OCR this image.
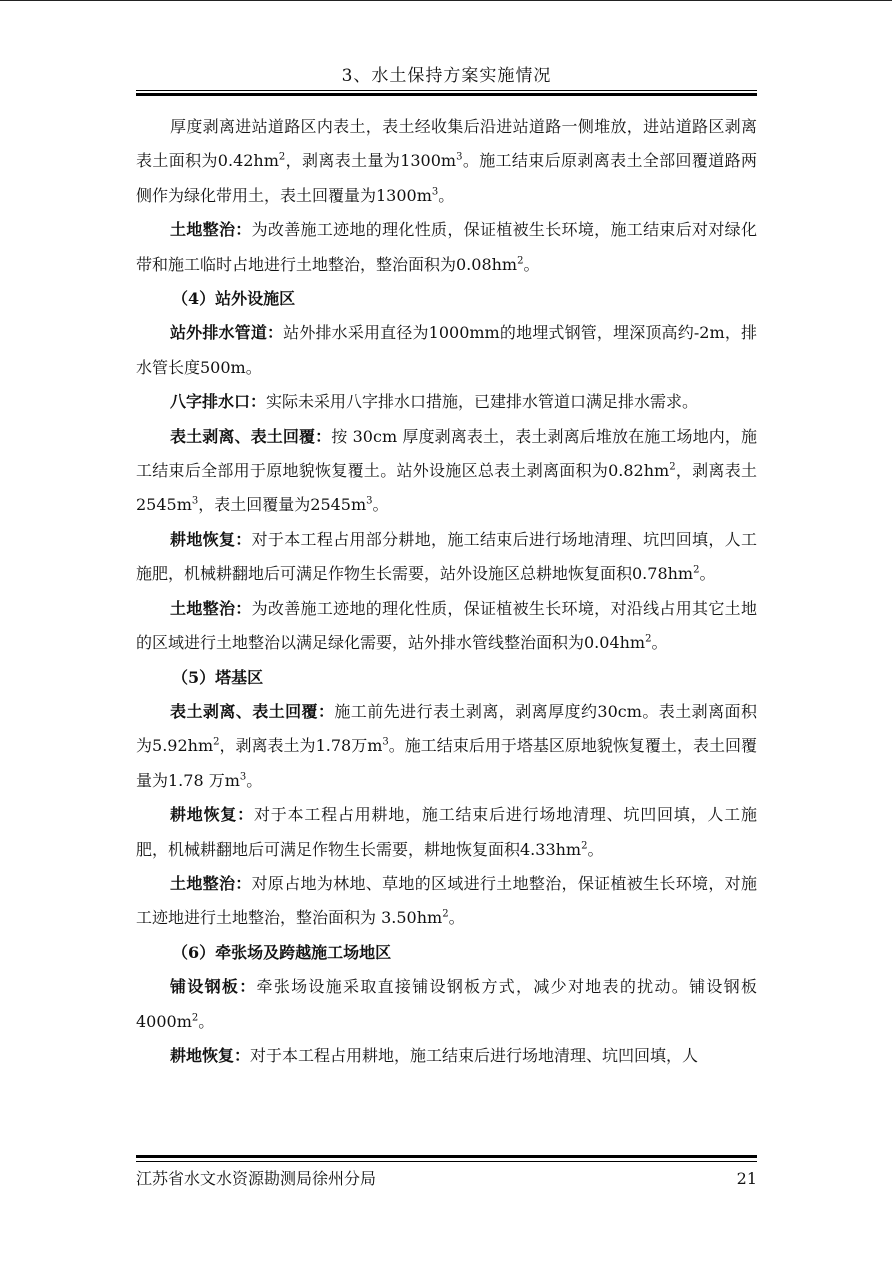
3、水土保持方案实施情况

厚度剥离进站道路区内表土，表土经收集后沿进站道路一侧堆放，进站道路区剥离表土面积为$0.42hm^2$，剥离表土量为$1300m^3$。施工结束后原剥离表土全部回覆道路两侧作为绿化带用土，表土回覆量为$1300m^3$。

土地整治：为改善施工迹地的理化性质，保证植被生长环境，施工结束后对对绿化带和施工临时占地进行土地整治，整治面积为$0.08hm^2$。

（4）站外设施区

站外排水管道：站外排水采用直径为1000mm的地埋式钢管，埋深顶高约-2m，排水管长度500m。

八字排水口：实际未采用八字排水口措施，已建排水管道口满足排水需求。

表土剥离、表土回覆：按 30cm 厚度剥离表土，表土剥离后堆放在施工场地内，施工结束后全部用于原地貌恢复覆土。站外设施区总表土剥离面积为$0.82hm^2$，剥离表土$2545m^3$，表土回覆量为$2545m^3$。

耕地恢复：对于本工程占用部分耕地，施工结束后进行场地清理、坑凹回填，人工施肥，机械耕翻地后可满足作物生长需要，站外设施区总耕地恢复面积$0.78hm^2$。

土地整治：为改善施工迹地的理化性质，保证植被生长环境，对沿线占用其它土地的区域进行土地整治以满足绿化需要，站外排水管线整治面积为$0.04hm^2$。

（5）塔基区

表土剥离、表土回覆：施工前先进行表土剥离，剥离厚度约30cm。表土剥离面积为$5.92hm^2$，剥离表土为1.78万$m^3$。施工结束后用于塔基区原地貌恢复覆土，表土回覆量为1.78 万$m^3$。

耕地恢复：对于本工程占用耕地，施工结束后进行场地清理、坑凹回填，人工施肥，机械耕翻地后可满足作物生长需要，耕地恢复面积$4.33hm^2$。

土地整治：对原占地为林地、草地的区域进行土地整治，保证植被生长环境，对施工迹地进行土地整治，整治面积为 $3.50hm^2$。

（6）牵张场及跨越施工场地区

铺设钢板：牵张场设施采取直接铺设钢板方式，减少对地表的扰动。铺设钢板$4000m^2$。

耕地恢复：对于本工程占用耕地，施工结束后进行场地清理、坑凹回填，人

江苏省水文水资源勘测局徐州分局	21
